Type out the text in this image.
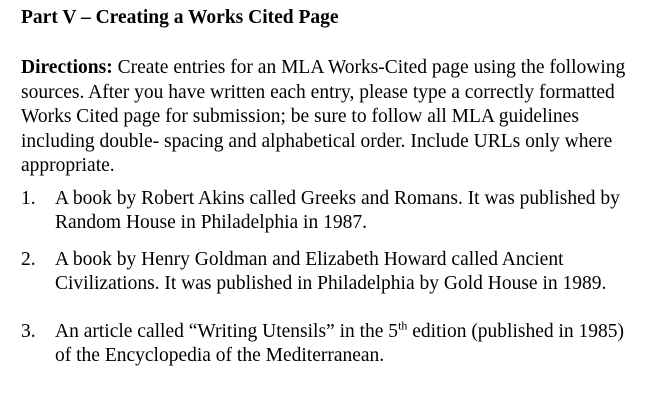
Part V – Creating a Works Cited Page
Directions: Create entries for an MLA Works-Cited page using the following sources. After you have written each entry, please type a correctly formatted Works Cited page for submission; be sure to follow all MLA guidelines including double- spacing and alphabetical order. Include URLs only where appropriate.
1. A book by Robert Akins called Greeks and Romans. It was published by Random House in Philadelphia in 1987.
2. A book by Henry Goldman and Elizabeth Howard called Ancient Civilizations. It was published in Philadelphia by Gold House in 1989.
3. An article called “Writing Utensils” in the 5th edition (published in 1985) of the Encyclopedia of the Mediterranean.
